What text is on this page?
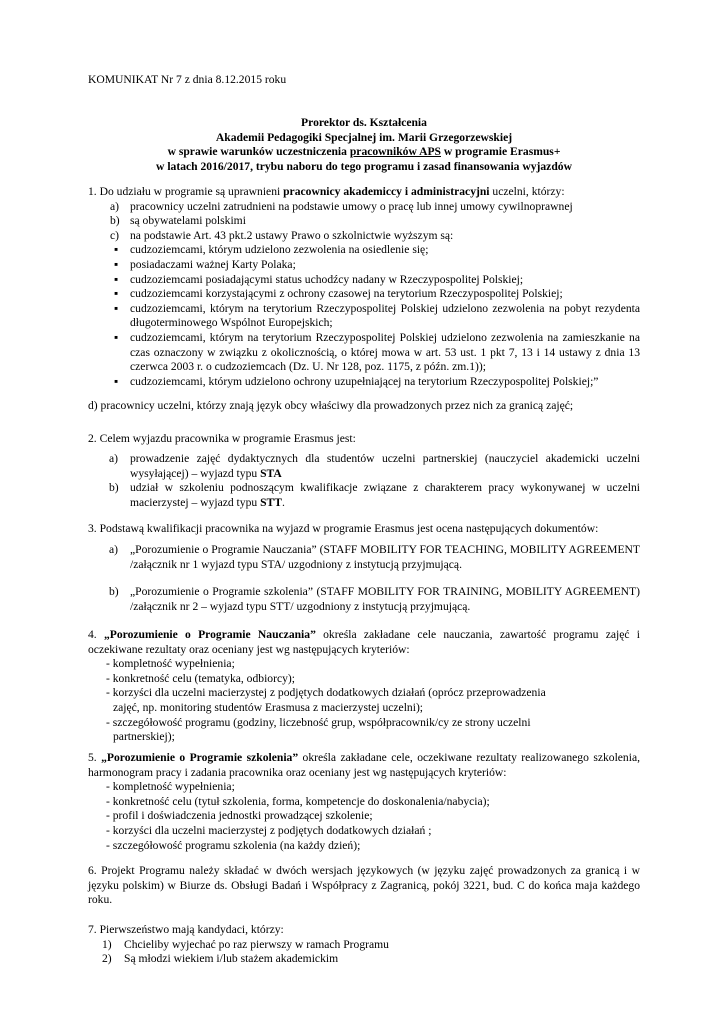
KOMUNIKAT Nr 7 z dnia 8.12.2015 roku
Prorektor ds. Kształcenia
Akademii Pedagogiki Specjalnej im. Marii Grzegorzewskiej
w sprawie warunków uczestniczenia pracowników APS w programie Erasmus+
w latach 2016/2017, trybu naboru do tego programu i zasad finansowania wyjazdów
1. Do udziału w programie są uprawnieni pracownicy akademiccy i administracyjni uczelni, którzy:
a) pracownicy uczelni zatrudnieni na podstawie umowy o pracę lub innej umowy cywilnoprawnej
b) są obywatelami polskimi
c) na podstawie Art. 43 pkt.2 ustawy Prawo o szkolnictwie wyższym są:
▪	cudzoziemcami, którym udzielono zezwolenia na osiedlenie się;
▪	posiadaczami ważnej Karty Polaka;
▪	cudzoziemcami posiadającymi status uchodźcy nadany w Rzeczypospolitej Polskiej;
▪	cudzoziemcami korzystającymi z ochrony czasowej na terytorium Rzeczypospolitej Polskiej;
▪	cudzoziemcami, którym na terytorium Rzeczypospolitej Polskiej udzielono zezwolenia na pobyt rezydenta długoterminowego Wspólnot Europejskich;
▪	cudzoziemcami, którym na terytorium Rzeczypospolitej Polskiej udzielono zezwolenia na zamieszkanie na czas oznaczony w związku z okolicznością, o której mowa w art. 53 ust. 1 pkt 7, 13 i 14 ustawy z dnia 13 czerwca 2003 r. o cudzoziemcach (Dz. U. Nr 128, poz. 1175, z późn. zm.1));
▪	cudzoziemcami, którym udzielono ochrony uzupełniającej na terytorium Rzeczypospolitej Polskiej;”
d) pracownicy uczelni, którzy znają język obcy właściwy dla prowadzonych przez nich za granicą zajęć;
2. Celem wyjazdu pracownika w programie Erasmus jest:
a)	prowadzenie zajęć dydaktycznych dla studentów uczelni partnerskiej (nauczyciel akademicki uczelni wysyłającej) – wyjazd typu STA
b) udział w szkoleniu podnoszącym kwalifikacje związane z charakterem pracy wykonywanej w uczelni macierzystej – wyjazd typu STT.
3. Podstawą kwalifikacji pracownika na wyjazd w programie Erasmus jest ocena następujących dokumentów:
a)	„Porozumienie o Programie Nauczania” (STAFF MOBILITY FOR TEACHING, MOBILITY AGREEMENT /załącznik nr 1 wyjazd typu STA/ uzgodniony z instytucją przyjmującą.
b) „Porozumienie o Programie szkolenia” (STAFF MOBILITY FOR TRAINING, MOBILITY AGREEMENT) /załącznik nr 2 – wyjazd typu STT/ uzgodniony z instytucją przyjmującą.
4. „Porozumienie o Programie Nauczania” określa zakładane cele nauczania, zawartość programu zajęć i oczekiwane rezultaty oraz oceniany jest wg następujących kryteriów:
- kompletność wypełnienia;
- konkretność celu (tematyka, odbiorcy);
- korzyści dla uczelni macierzystej z podjętych dodatkowych działań (oprócz przeprowadzenia
zajęć, np. monitoring studentów Erasmusa z macierzystej uczelni);
- szczegółowość programu (godziny, liczebność grup, współpracownik/cy ze strony uczelni
partnerskiej);
5. „Porozumienie o Programie szkolenia” określa zakładane cele, oczekiwane rezultaty realizowanego szkolenia, harmonogram pracy i zadania pracownika oraz oceniany jest wg następujących kryteriów:
- kompletność wypełnienia;
- konkretność celu (tytuł szkolenia, forma, kompetencje do doskonalenia/nabycia);
- profil i doświadczenia jednostki prowadzącej szkolenie;
- korzyści dla uczelni macierzystej z podjętych dodatkowych działań ;
- szczegółowość programu szkolenia (na każdy dzień);
6. Projekt Programu należy składać w dwóch wersjach językowych (w języku zajęć prowadzonych za granicą i w języku polskim) w Biurze ds. Obsługi Badań i Współpracy z Zagranicą, pokój 3221, bud. C do końca maja każdego roku.
7. Pierwszeństwo mają kandydaci, którzy:
1)	Chcieliby wyjechać po raz pierwszy w ramach Programu
2)	Są młodzi wiekiem i/lub stażem akademickim
